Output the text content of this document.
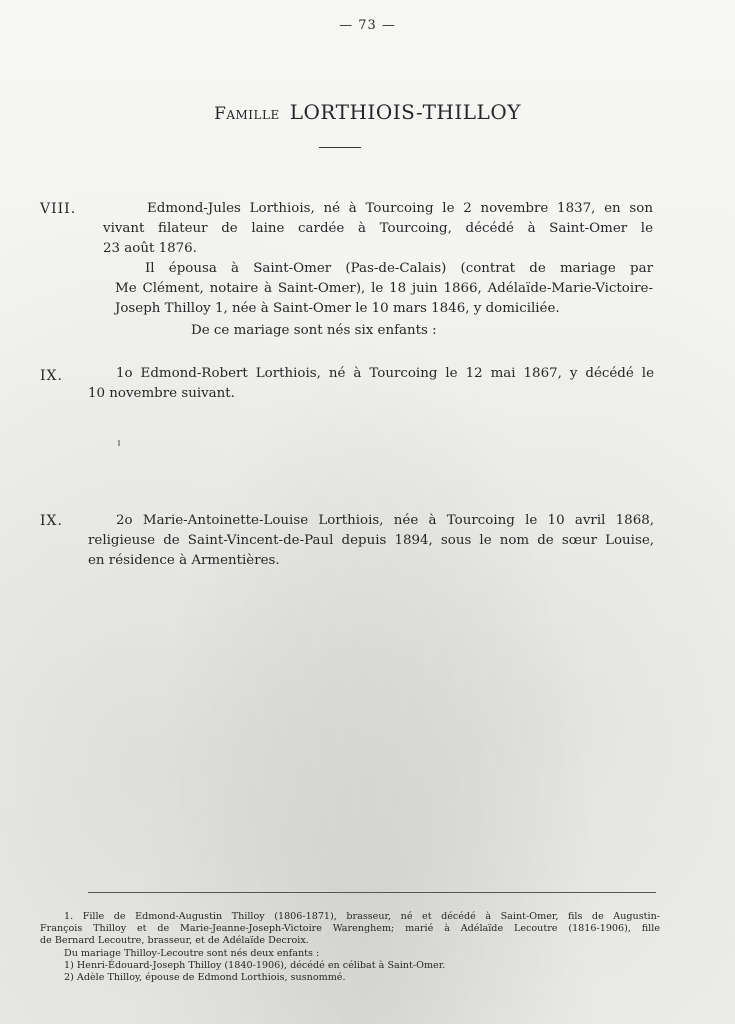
— 73 —
Famille LORTHIOIS-THILLOY
VIII.	Edmond-Jules Lorthiois, né à Tourcoing le 2 novembre 1837, en son
vivant filateur de laine cardée à Tourcoing, décédé à Saint-Omer le
23 août 1876.
Il épousa à Saint-Omer (Pas-de-Calais) (contrat de mariage par
Me Clément, notaire à Saint-Omer), le 18 juin 1866, Adélaïde-Marie-Victoire-
Joseph Thilloy 1, née à Saint-Omer le 10 mars 1846, y domiciliée.
De ce mariage sont nés six enfants :
IX.	1o Edmond-Robert Lorthiois, né à Tourcoing le 12 mai 1867, y décédé le
10 novembre suivant.
IX.	2o Marie-Antoinette-Louise Lorthiois, née à Tourcoing le 10 avril 1868,
religieuse de Saint-Vincent-de-Paul depuis 1894, sous le nom de sœur Louise,
en résidence à Armentières.
1. Fille de Edmond-Augustin Thilloy (1806-1871), brasseur, né et décédé à Saint-Omer, fils de Augustin-
François Thilloy et de Marie-Jeanne-Joseph-Victoire Warenghem; marié à Adélaïde Lecoutre (1816-1906), fille
de Bernard Lecoutre, brasseur, et de Adélaïde Decroix.
Du mariage Thilloy-Lecoutre sont nés deux enfants :
1) Henri-Édouard-Joseph Thilloy (1840-1906), décédé en célibat à Saint-Omer.
2) Adèle Thilloy, épouse de Edmond Lorthiois, susnommé.
